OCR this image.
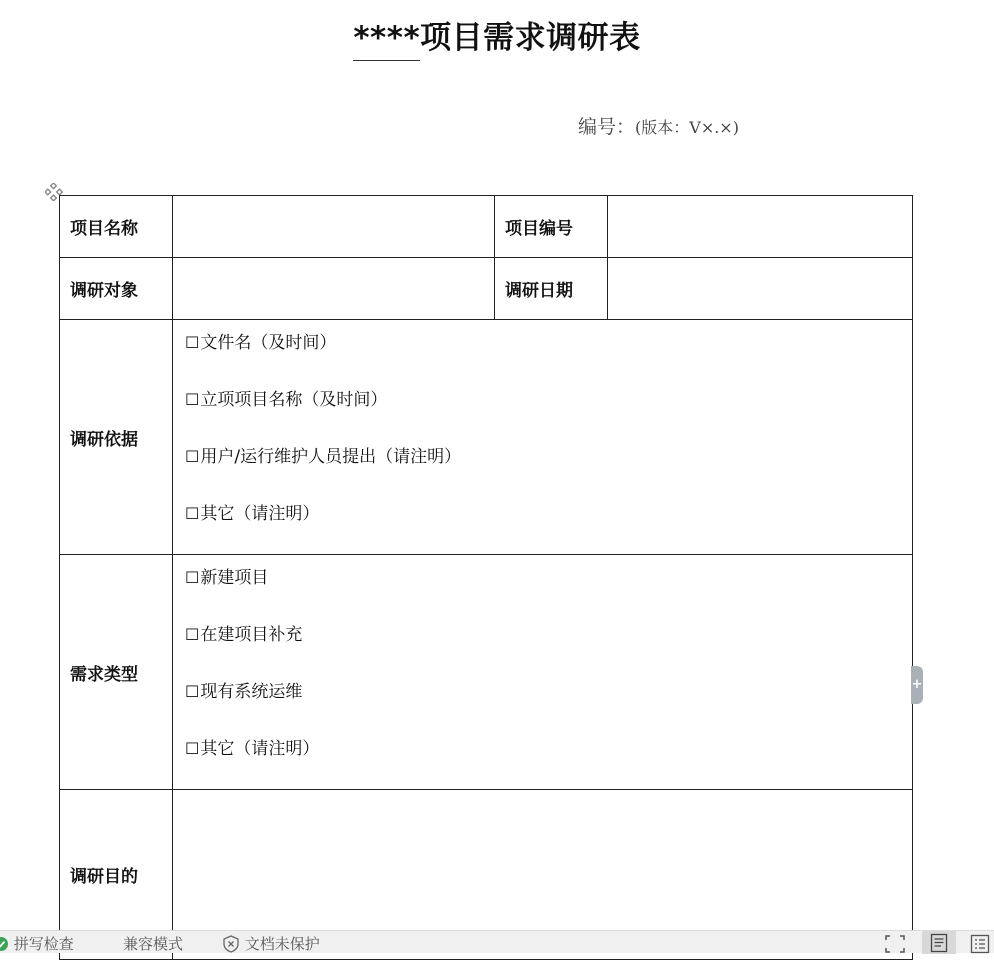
****项目需求调研表
编号：(版本：V×.×)
项目名称		项目编号	
调研对象		调研日期	
调研依据	☐文件名（及时间）
☐立项项目名称（及时间）
☐用户/运行维护人员提出（请注明）
☐其它（请注明）		

需求类型	☐新建项目
☐在建项目补充
☐现有系统运维
☐其它（请注明）		

调研目的			
+
拼写检查	兼容模式	文档未保护
